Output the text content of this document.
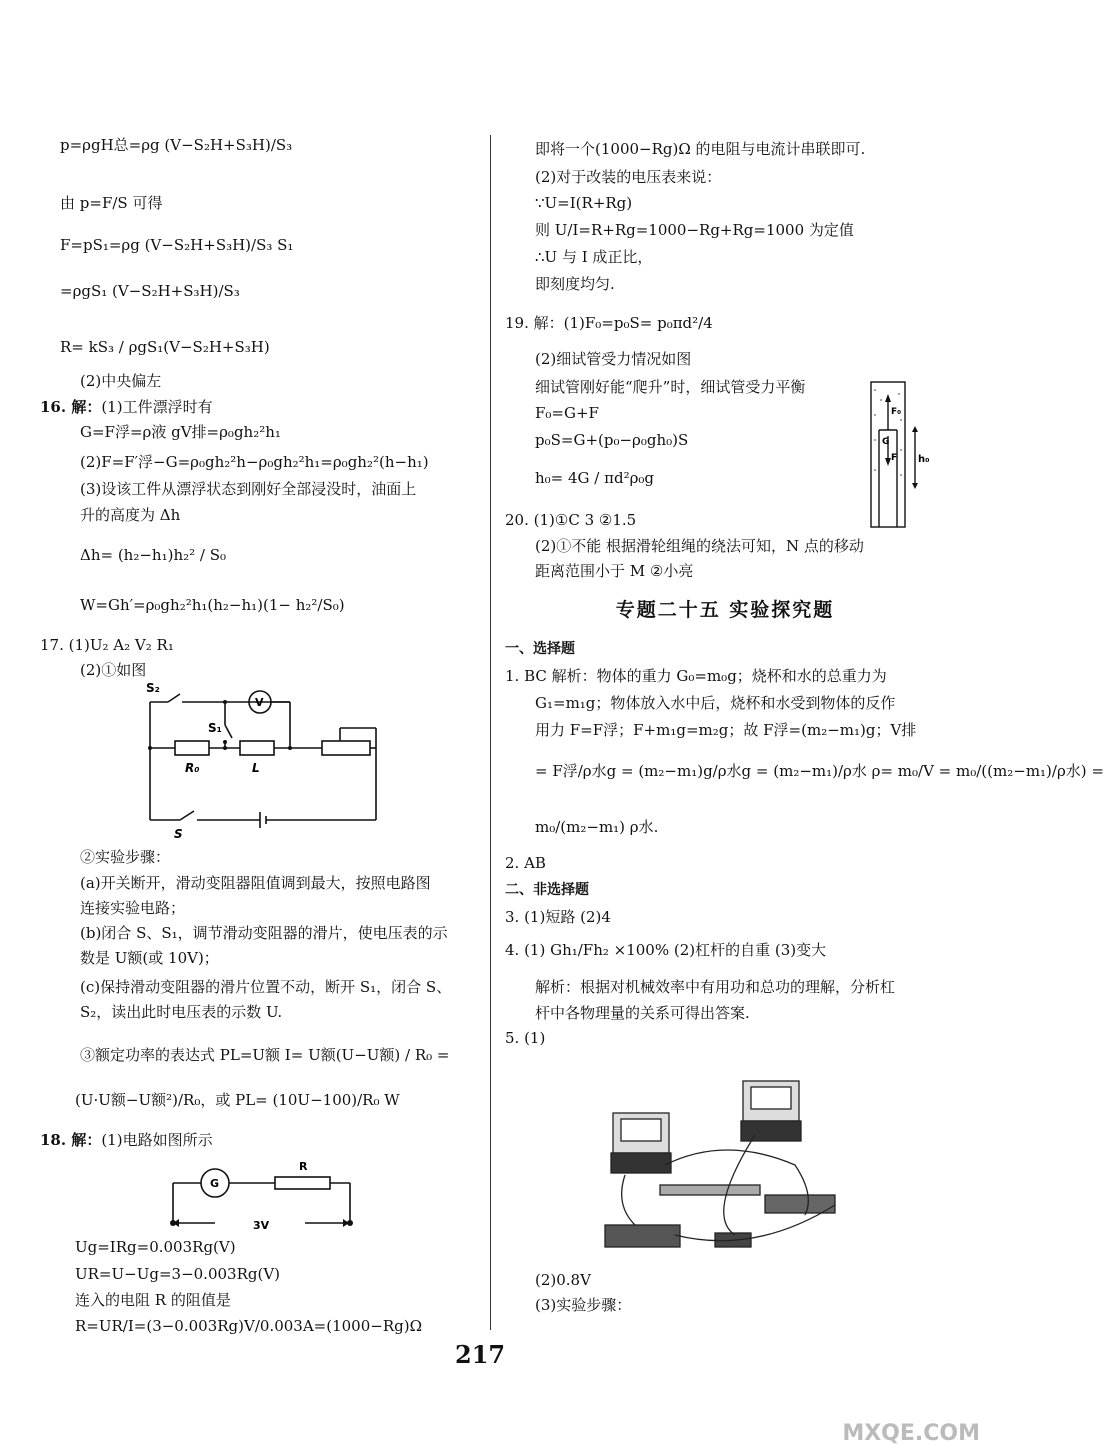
p=ρgH总=ρg (V−S₂H+S₃H)/S₃
由 p=F/S 可得
F=pS₁=ρg (V−S₂H+S₃H)/S₃ S₁
=ρgS₁ (V−S₂H+S₃H)/S₃
R= kS₃ / ρgS₁(V−S₂H+S₃H)
(2)中央偏左
16. 解：(1)工件漂浮时有
G=F浮=ρ液 gV排=ρ₀gh₂²h₁
(2)F=F′浮−G=ρ₀gh₂²h−ρ₀gh₂²h₁=ρ₀gh₂²(h−h₁)
(3)设该工件从漂浮状态到刚好全部浸没时，油面上
升的高度为 Δh
Δh= (h₂−h₁)h₂² / S₀
W=Gh′=ρ₀gh₂²h₁(h₂−h₁)(1− h₂²/S₀)
17. (1)U₂ A₂ V₂ R₁
(2)①如图
S₂
S₁
V
R₀	L
S
②实验步骤：
(a)开关断开，滑动变阻器阻值调到最大，按照电路图
连接实验电路；
(b)闭合 S、S₁，调节滑动变阻器的滑片，使电压表的示
数是 U额(或 10V)；
(c)保持滑动变阻器的滑片位置不动，断开 S₁，闭合 S、
S₂，读出此时电压表的示数 U.
③额定功率的表达式 PL=U额 I= U额(U−U额) / R₀ =
(U·U额−U额²)/R₀，或 PL= (10U−100)/R₀ W
18. 解：(1)电路如图所示
G
R
3V
Ug=IRg=0.003Rg(V)
UR=U−Ug=3−0.003Rg(V)
连入的电阻 R 的阻值是
R=UR/I=(3−0.003Rg)V/0.003A=(1000−Rg)Ω
即将一个(1000−Rg)Ω 的电阻与电流计串联即可.
(2)对于改装的电压表来说：
∵U=I(R+Rg)
则 U/I=R+Rg=1000−Rg+Rg=1000 为定值
∴U 与 I 成正比，
即刻度均匀.
19. 解：(1)F₀=p₀S= p₀πd²/4
(2)细试管受力情况如图
细试管刚好能“爬升”时，细试管受力平衡
F₀=G+F
p₀S=G+(p₀−ρ₀gh₀)S
h₀= 4G / πd²ρ₀g
F₀
G
F h₀
20. (1)①C 3 ②1.5
(2)①不能 根据滑轮组绳的绕法可知，N 点的移动
距离范围小于 M ②小亮
专题二十五 实验探究题
一、选择题
1. BC 解析：物体的重力 G₀=m₀g；烧杯和水的总重力为
G₁=m₁g；物体放入水中后，烧杯和水受到物体的反作
用力 F=F浮；F+m₁g=m₂g；故 F浮=(m₂−m₁)g；V排
= F浮/ρ水g = (m₂−m₁)g/ρ水g = (m₂−m₁)/ρ水 ρ= m₀/V = m₀/((m₂−m₁)/ρ水) =
m₀/(m₂−m₁) ρ水.
2. AB
二、非选择题
3. (1)短路 (2)4
4. (1) Gh₁/Fh₂ ×100% (2)杠杆的自重 (3)变大
解析：根据对机械效率中有用功和总功的理解，分析杠
杆中各物理量的关系可得出答案.
5. (1)
(2)0.8V
(3)实验步骤：
217
MXQE.COM
